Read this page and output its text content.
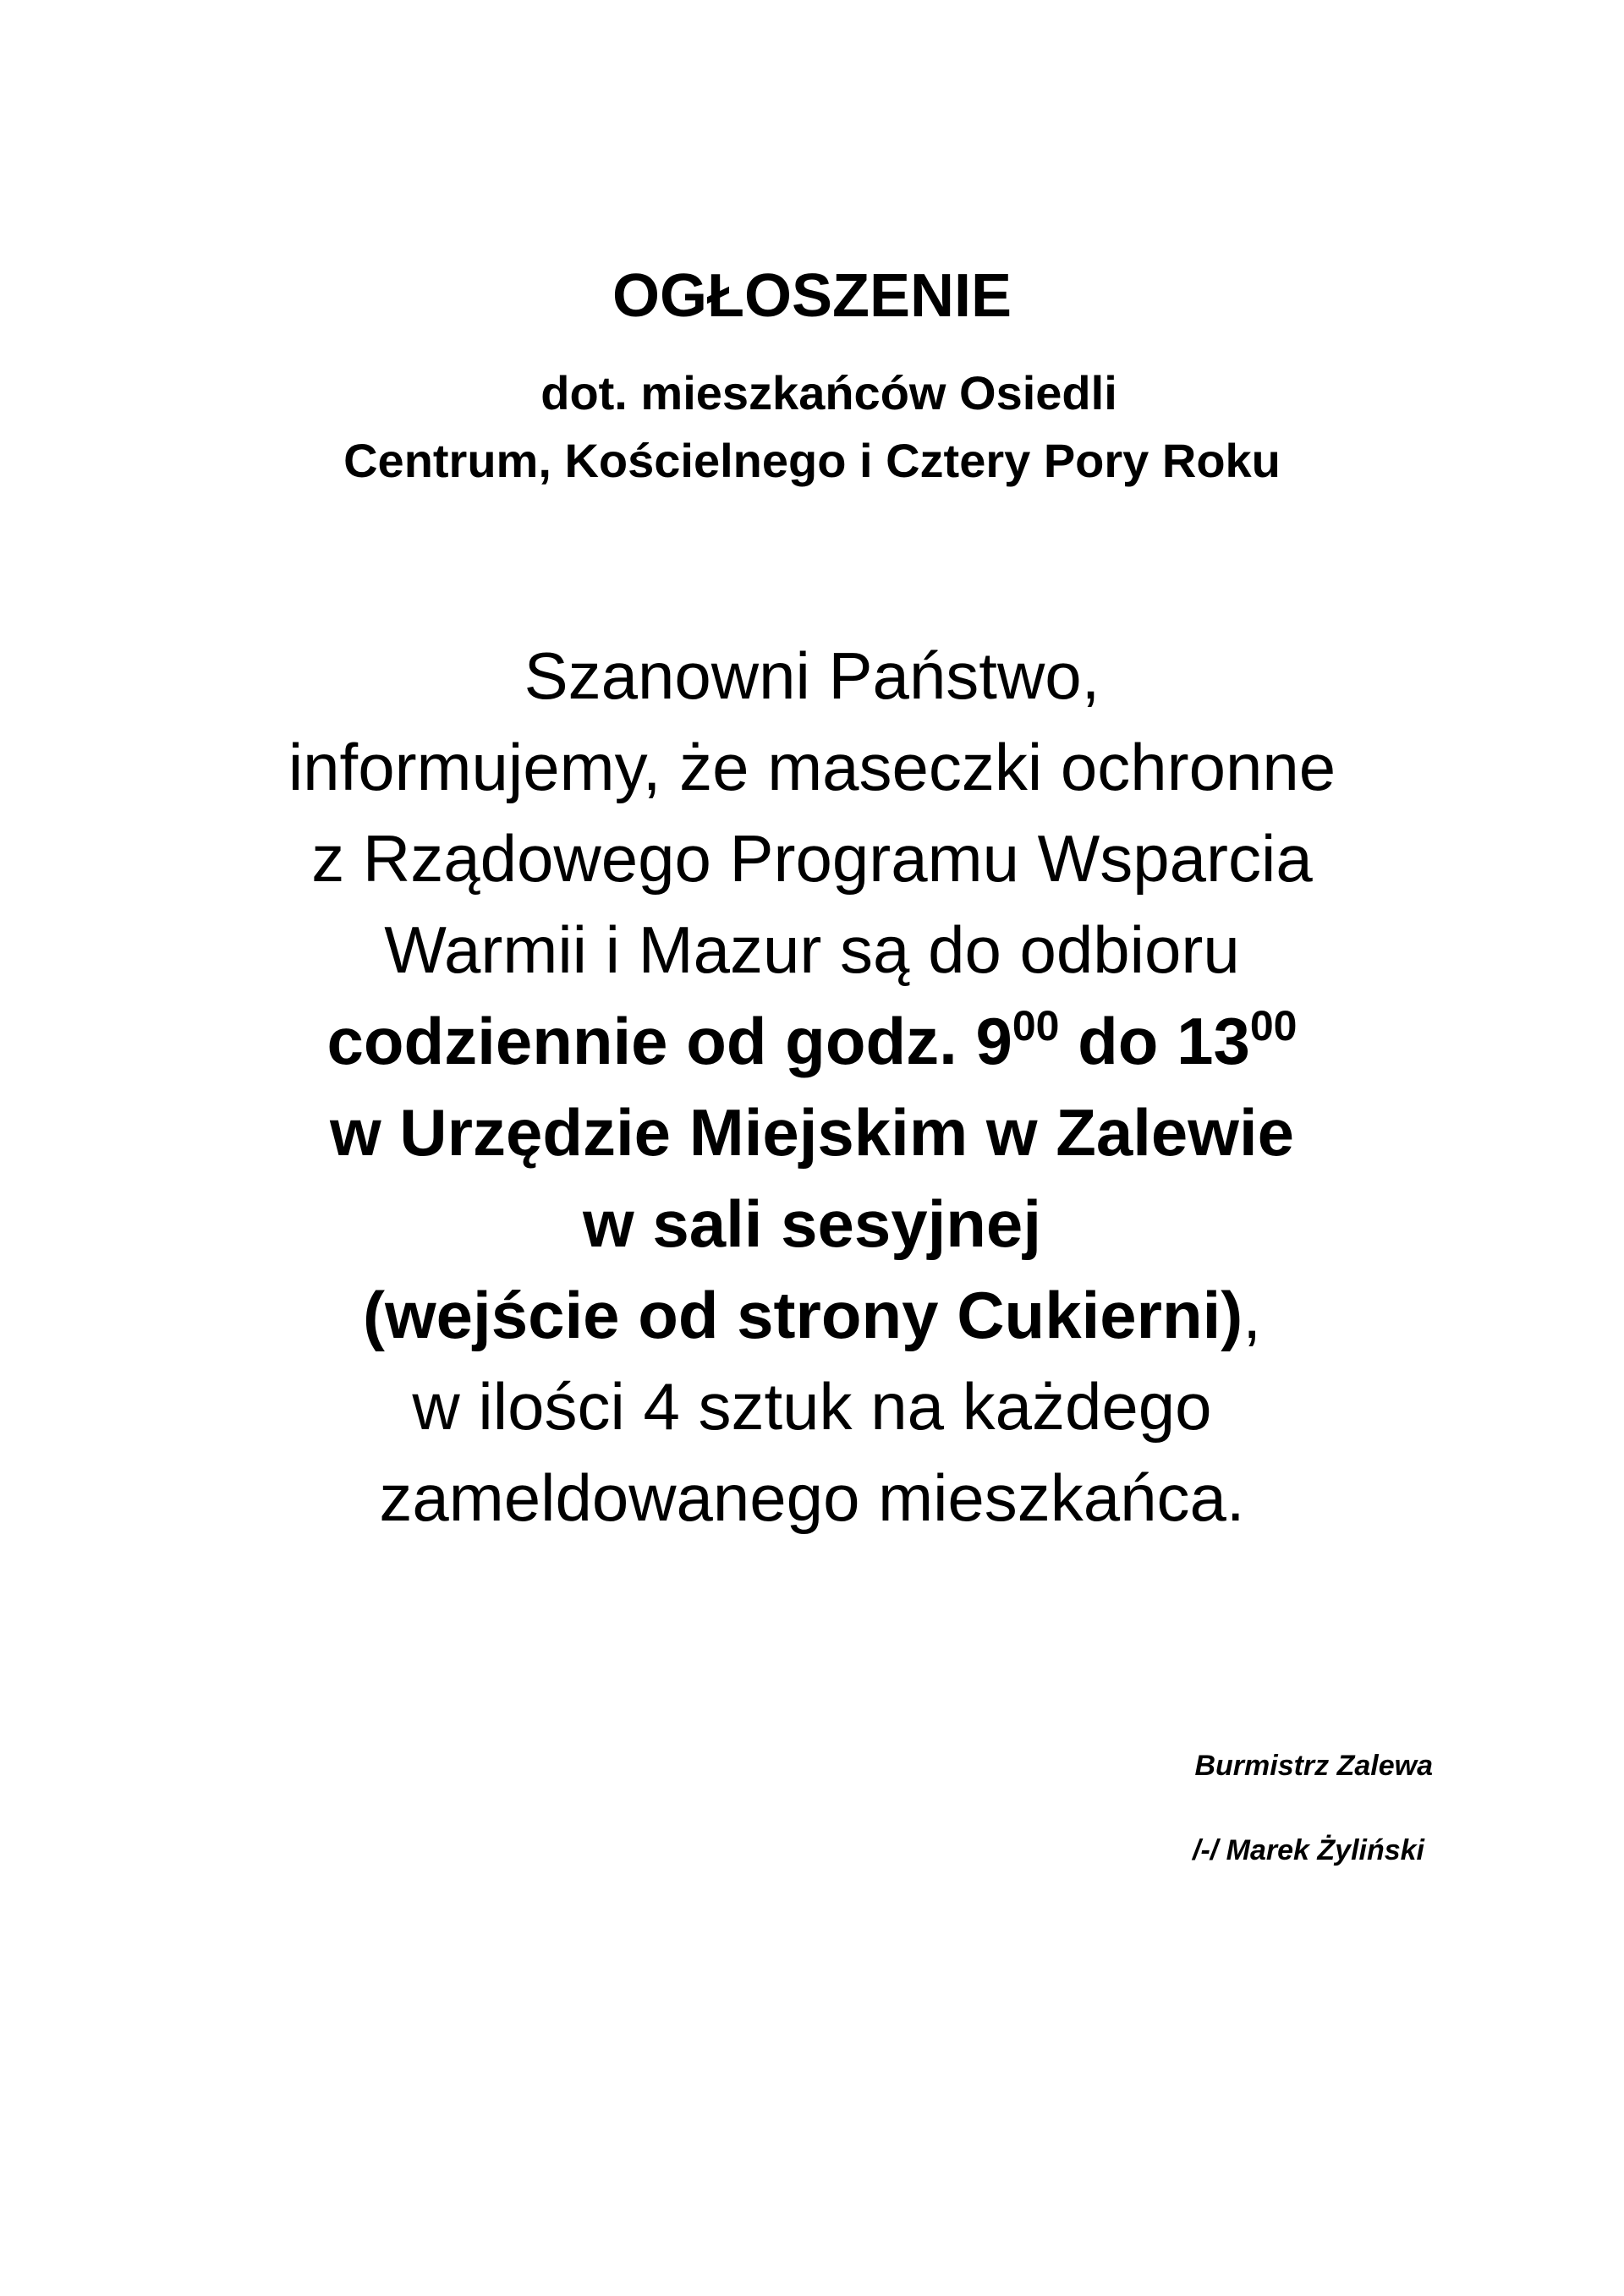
OGŁOSZENIE
dot. mieszkańców Osiedli
Centrum, Kościelnego i Cztery Pory Roku
Szanowni Państwo,
informujemy, że maseczki ochronne
z Rządowego Programu Wsparcia
Warmii i Mazur są do odbioru
codziennie od godz. $9^{00}$ do $13^{00}$
w Urzędzie Miejskim w Zalewie
w sali sesyjnej
(wejście od strony Cukierni),
w ilości 4 sztuk na każdego
zameldowanego mieszkańca.
Burmistrz Zalewa
/-/ Marek Żyliński
